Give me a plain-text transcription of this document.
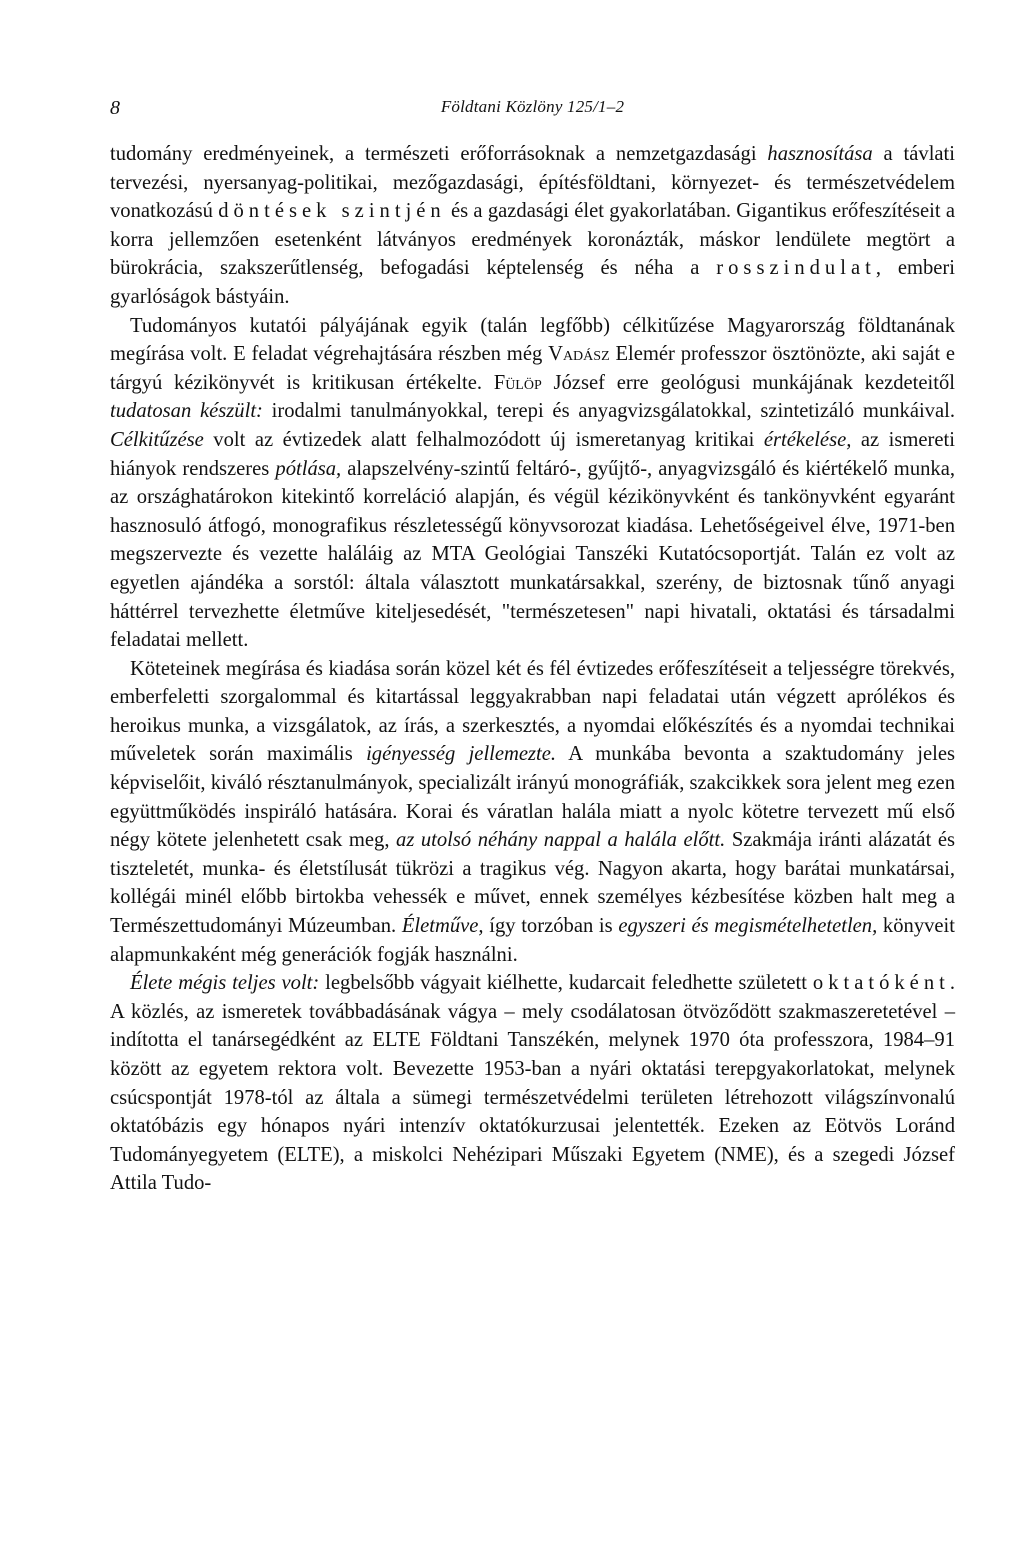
8	Földtani Közlöny 125/1–2

tudomány eredményeinek, a természeti erőforrásoknak a nemzetgazdasági hasznosítása a távlati tervezési, nyersanyag-politikai, mezőgazdasági, építésföldtani, környezet- és természetvédelem vonatkozású döntések szintjén és a gazdasági élet gyakorlatában. Gigantikus erőfeszítéseit a korra jellemzően esetenként látványos eredmények koronázták, máskor lendülete megtört a bürokrácia, szakszerűtlenség, befogadási képtelenség és néha a rosszindulat, emberi gyarlóságok bástyáin.

Tudományos kutatói pályájának egyik (talán legfőbb) célkitűzése Magyarország földtanának megírása volt. E feladat végrehajtására részben még Vadász Elemér professzor ösztönözte, aki saját e tárgyú kézikönyvét is kritikusan értékelte. Fülöp József erre geológusi munkájának kezdeteitől tudatosan készült: irodalmi tanulmányokkal, terepi és anyagvizsgálatokkal, szintetizáló munkáival. Célkitűzése volt az évtizedek alatt felhalmozódott új ismeretanyag kritikai értékelése, az ismereti hiányok rendszeres pótlása, alapszelvény-szintű feltáró-, gyűjtő-, anyagvizsgáló és kiértékelő munka, az országhatárokon kitekintő korreláció alapján, és végül kézikönyvként és tankönyvként egyaránt hasznosuló átfogó, monografikus részletességű könyvsorozat kiadása. Lehetőségeivel élve, 1971-ben megszervezte és vezette haláláig az MTA Geológiai Tanszéki Kutatócsoportját. Talán ez volt az egyetlen ajándéka a sorstól: általa választott munkatársakkal, szerény, de biztosnak tűnő anyagi háttérrel tervezhette életműve kiteljesedését, "természetesen" napi hivatali, oktatási és társadalmi feladatai mellett.

Köteteinek megírása és kiadása során közel két és fél évtizedes erőfeszítéseit a teljességre törekvés, emberfeletti szorgalommal és kitartással leggyakrabban napi feladatai után végzett aprólékos és heroikus munka, a vizsgálatok, az írás, a szerkesztés, a nyomdai előkészítés és a nyomdai technikai műveletek során maximális igényesség jellemezte. A munkába bevonta a szaktudomány jeles képviselőit, kiváló résztanulmányok, specializált irányú monográfiák, szakcikkek sora jelent meg ezen együttműködés inspiráló hatására. Korai és váratlan halála miatt a nyolc kötetre tervezett mű első négy kötete jelenhetett csak meg, az utolsó néhány nappal a halála előtt. Szakmája iránti alázatát és tiszteletét, munka- és életstílusát tükrözi a tragikus vég. Nagyon akarta, hogy barátai munkatársai, kollégái minél előbb birtokba vehessék e művet, ennek személyes kézbesítése közben halt meg a Természettudományi Múzeumban. Életműve, így torzóban is egyszeri és megismételhetetlen, könyveit alapmunkaként még generációk fogják használni.

Élete mégis teljes volt: legbelsőbb vágyait kiélhette, kudarcait feledhette született oktatóként. A közlés, az ismeretek továbbadásának vágya – mely csodálatosan ötvöződött szakmaszeretetével – indította el tanársegédként az ELTE Földtani Tanszékén, melynek 1970 óta professzora, 1984–91 között az egyetem rektora volt. Bevezette 1953-ban a nyári oktatási terepgyakorlatokat, melynek csúcspontját 1978-tól az általa a sümegi természetvédelmi területen létrehozott világszínvonalú oktatóbázis egy hónapos nyári intenzív oktatókurzusai jelentették. Ezeken az Eötvös Loránd Tudományegyetem (ELTE), a miskolci Nehézipari Műszaki Egyetem (NME), és a szegedi József Attila Tudo-
